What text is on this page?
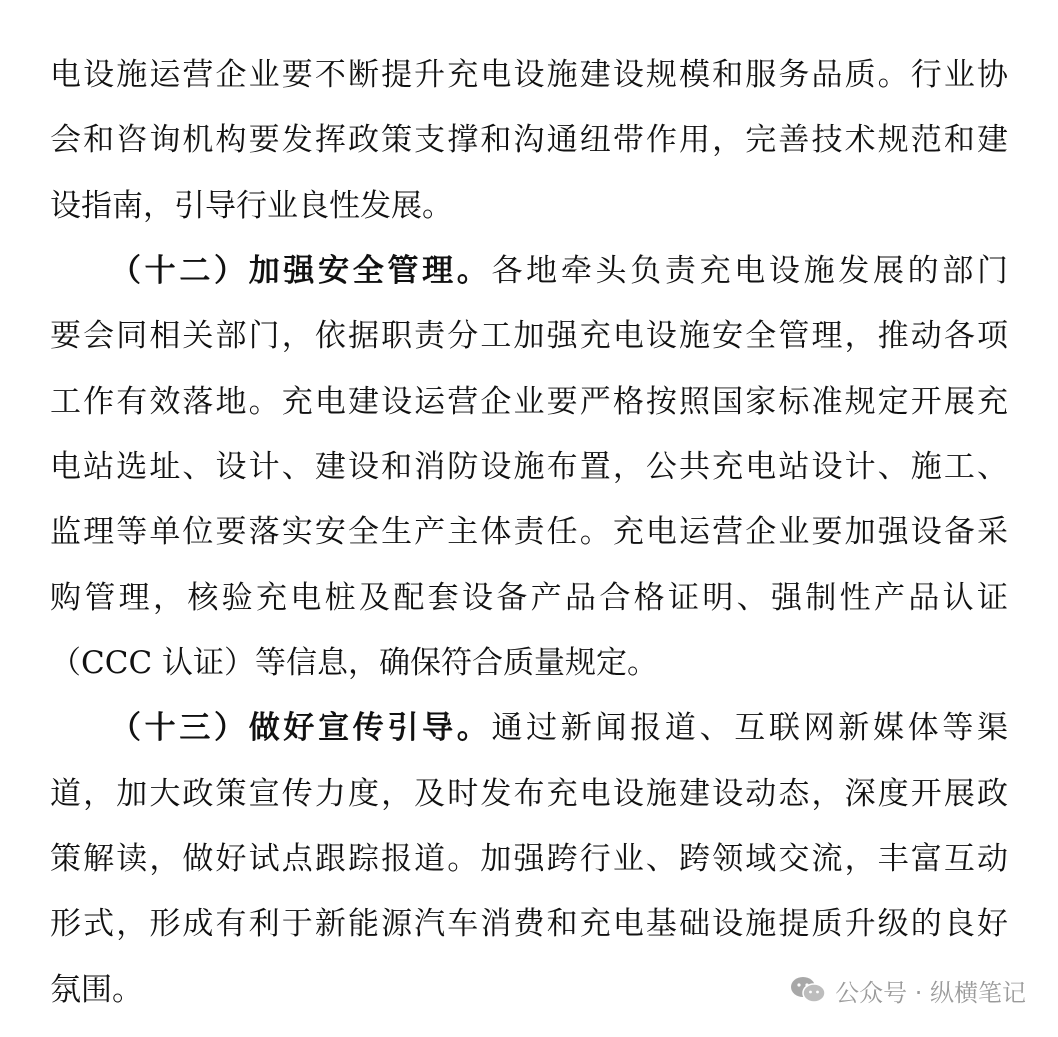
电设施运营企业要不断提升充电设施建设规模和服务品质。行业协
会和咨询机构要发挥政策支撑和沟通纽带作用，完善技术规范和建
设指南，引导行业良性发展。
（十二）加强安全管理。各地牵头负责充电设施发展的部门
要会同相关部门，依据职责分工加强充电设施安全管理，推动各项
工作有效落地。充电建设运营企业要严格按照国家标准规定开展充
电站选址、设计、建设和消防设施布置，公共充电站设计、施工、
监理等单位要落实安全生产主体责任。充电运营企业要加强设备采
购管理，核验充电桩及配套设备产品合格证明、强制性产品认证
（CCC 认证）等信息，确保符合质量规定。
（十三）做好宣传引导。通过新闻报道、互联网新媒体等渠
道，加大政策宣传力度，及时发布充电设施建设动态，深度开展政
策解读，做好试点跟踪报道。加强跨行业、跨领域交流，丰富互动
形式，形成有利于新能源汽车消费和充电基础设施提质升级的良好
氛围。	公众号 · 纵横笔记
